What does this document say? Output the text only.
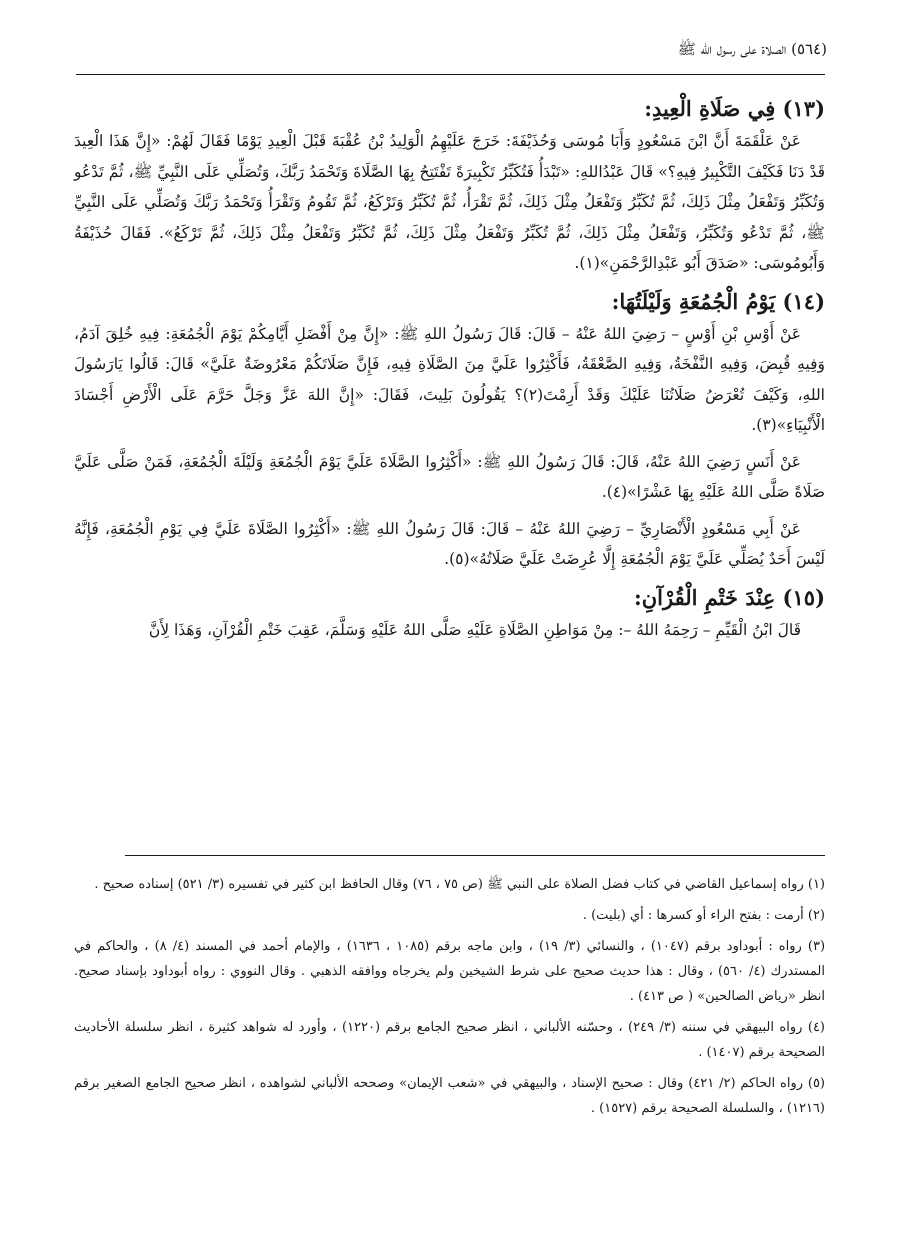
(٥٦٤) الصلاة على رسول الله ﷺ
(١٣) فِي صَلَاةِ الْعِيدِ:

عَنْ عَلْقَمَةَ أَنَّ ابْنَ مَسْعُودٍ وَأَبَا مُوسَى وَحُذَيْفَةَ: خَرَجَ عَلَيْهِمُ الْوَلِيدُ بْنُ عُقْبَةَ قَبْلَ الْعِيدِ يَوْمًا فَقَالَ لَهُمْ: «إِنَّ هَذَا الْعِيدَ قَدْ دَنَا فَكَيْفَ التَّكْبِيرُ فِيهِ؟» قَالَ عَبْدُاللهِ: «تَبْدَأُ فَتُكَبِّرُ تَكْبِيرَةً تَفْتَتِحُ بِهَا الصَّلَاةَ وَتَحْمَدُ رَبَّكَ، وَتُصَلِّي عَلَى النَّبِيِّ ﷺ، ثُمَّ تَدْعُو وَتُكَبِّرُ وَتَفْعَلُ مِثْلَ ذَلِكَ، ثُمَّ تُكَبِّرُ وَتَفْعَلُ مِثْلَ ذَلِكَ، ثُمَّ تَقْرَأُ، ثُمَّ تُكَبِّرُ وَتَرْكَعُ، ثُمَّ تَقُومُ وَتَقْرَأُ وَتَحْمَدُ رَبَّكَ وَتُصَلِّي عَلَى النَّبِيِّ ﷺ، ثُمَّ تَدْعُو وَتُكَبِّرُ، وَتَفْعَلُ مِثْلَ ذَلِكَ، ثُمَّ تُكَبِّرُ وَتَفْعَلُ مِثْلَ ذَلِكَ، ثُمَّ تُكَبِّرُ وَتَفْعَلُ مِثْلَ ذَلِكَ، ثُمَّ تَرْكَعُ». فَقَالَ حُذَيْفَةُ وَأَبُومُوسَى: «صَدَقَ أَبُو عَبْدِالرَّحْمَنِ»(١).

(١٤) يَوْمُ الْجُمُعَةِ وَلَيْلَتُهَا:

عَنْ أَوْسِ بْنِ أَوْسٍ – رَضِيَ اللهُ عَنْهُ – قَالَ: قَالَ رَسُولُ اللهِ ﷺ: «إِنَّ مِنْ أَفْضَلِ أَيَّامِكُمْ يَوْمَ الْجُمُعَةِ: فِيهِ خُلِقَ آدَمُ، وَفِيهِ قُبِضَ، وَفِيهِ النَّفْخَةُ، وَفِيهِ الصَّعْقَةُ، فَأَكْثِرُوا عَلَيَّ مِنَ الصَّلَاةِ فِيهِ، فَإِنَّ صَلَاتَكُمْ مَعْرُوضَةٌ عَلَيَّ» قَالَ: قَالُوا يَارَسُولَ اللهِ، وَكَيْفَ تُعْرَضُ صَلَاتُنَا عَلَيْكَ وَقَدْ أَرِمْتَ(٢)؟ يَقُولُونَ بَلِيتَ، فَقَالَ: «إِنَّ اللهَ عَزَّ وَجَلَّ حَرَّمَ عَلَى الْأَرْضِ أَجْسَادَ الْأَنْبِيَاءِ»(٣).

عَنْ أَنَسٍ رَضِيَ اللهُ عَنْهُ، قَالَ: قَالَ رَسُولُ اللهِ ﷺ: «أَكْثِرُوا الصَّلَاةَ عَلَيَّ يَوْمَ الْجُمُعَةِ وَلَيْلَةَ الْجُمُعَةِ، فَمَنْ صَلَّى عَلَيَّ صَلَاةً صَلَّى اللهُ عَلَيْهِ بِهَا عَشْرًا»(٤).

عَنْ أَبِي مَسْعُودٍ الْأَنْصَارِيِّ – رَضِيَ اللهُ عَنْهُ – قَالَ: قَالَ رَسُولُ اللهِ ﷺ: «أَكْثِرُوا الصَّلَاةَ عَلَيَّ فِي يَوْمِ الْجُمُعَةِ، فَإِنَّهُ لَيْسَ أَحَدٌ يُصَلِّي عَلَيَّ يَوْمَ الْجُمُعَةِ إِلَّا عُرِضَتْ عَلَيَّ صَلَاتُهُ»(٥).

(١٥) عِنْدَ خَتْمِ الْقُرْآنِ:

قَالَ ابْنُ الْقَيِّمِ – رَحِمَهُ اللهُ –: مِنْ مَوَاطِنِ الصَّلَاةِ عَلَيْهِ صَلَّى اللهُ عَلَيْهِ وَسَلَّمَ، عَقِبَ خَتْمِ الْقُرْآنِ، وَهَذَا لِأَنَّ

(١) رواه إسماعيل القاضي في كتاب فضل الصلاة على النبي ﷺ (ص ٧٥ ، ٧٦) وقال الحافظ ابن كثير في تفسيره (٣/ ٥٢١) إسناده صحيح .

(٢) أرمت : بفتح الراء أو كسرها : أي (بليت) .

(٣) رواه : أبوداود برقم (١٠٤٧) ، والنسائي (٣/ ١٩) ، وابن ماجه برقم (١٠٨٥ ، ١٦٣٦) ، والإمام أحمد في المسند (٤/ ٨) ، والحاكم في المستدرك (٤/ ٥٦٠) ، وقال : هذا حديث صحيح على شرط الشيخين ولم يخرجاه ووافقه الذهبي . وقال النووي : رواه أبوداود بإسناد صحيح. انظر «رياض الصالحين» ( ص ٤١٣) .

(٤) رواه البيهقي في سننه (٣/ ٢٤٩) ، وحسّنه الألباني ، انظر صحيح الجامع برقم (١٢٢٠) ، وأورد له شواهد كثيرة ، انظر سلسلة الأحاديث الصحيحة برقم (١٤٠٧) .

(٥) رواه الحاكم (٢/ ٤٢١) وقال : صحيح الإسناد ، والبيهقي في «شعب الإيمان» وصححه الألباني لشواهده ، انظر صحيح الجامع الصغير برقم (١٢١٦) ، والسلسلة الصحيحة برقم (١٥٢٧) .
